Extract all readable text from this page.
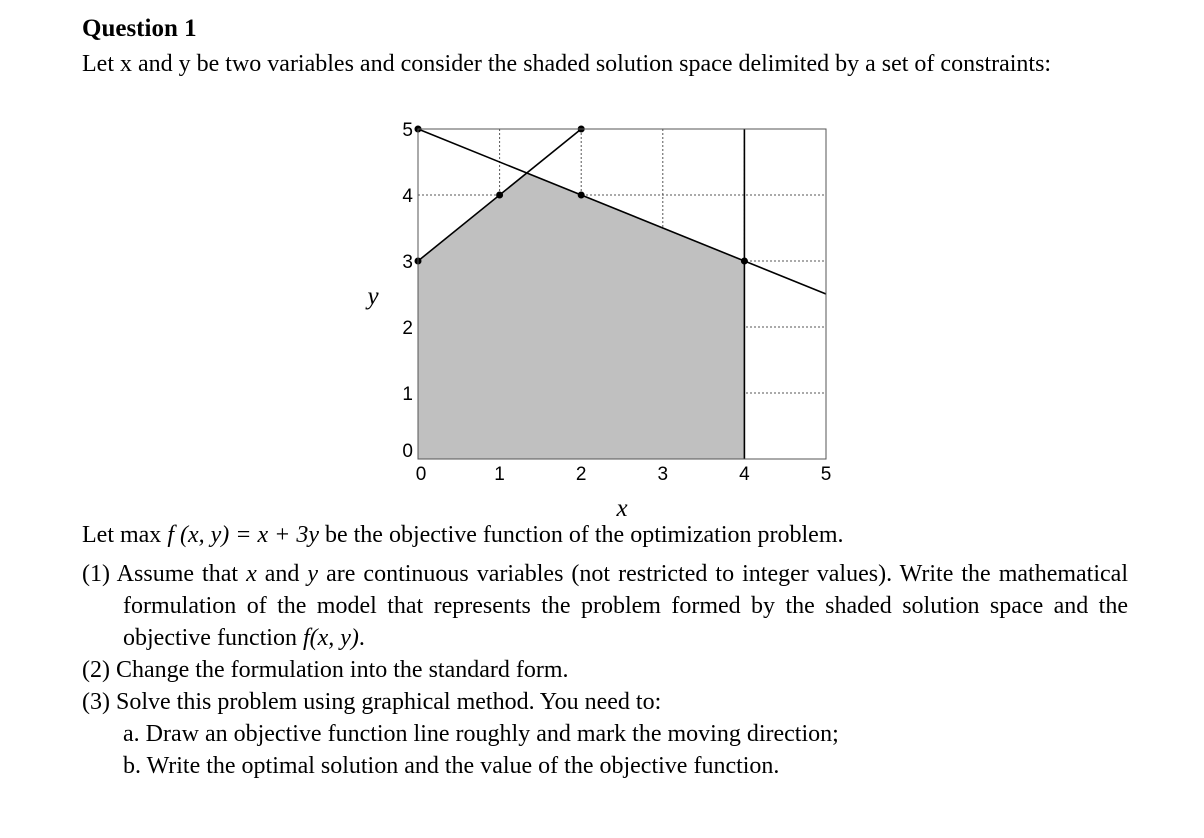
Question 1
Let x and y be two variables and consider the shaded solution space delimited by a set of constraints:
0	1	2	3	4	5
0
1
2
3
4
5
x
y
Let max f (x, y) = x + 3y be the objective function of the optimization problem.
(1) Assume that x and y are continuous variables (not restricted to integer values). Write the mathematical formulation of the model that represents the problem formed by the shaded solution space and the objective function f(x, y).
(2) Change the formulation into the standard form.
(3) Solve this problem using graphical method. You need to:
a. Draw an objective function line roughly and mark the moving direction;
b. Write the optimal solution and the value of the objective function.
